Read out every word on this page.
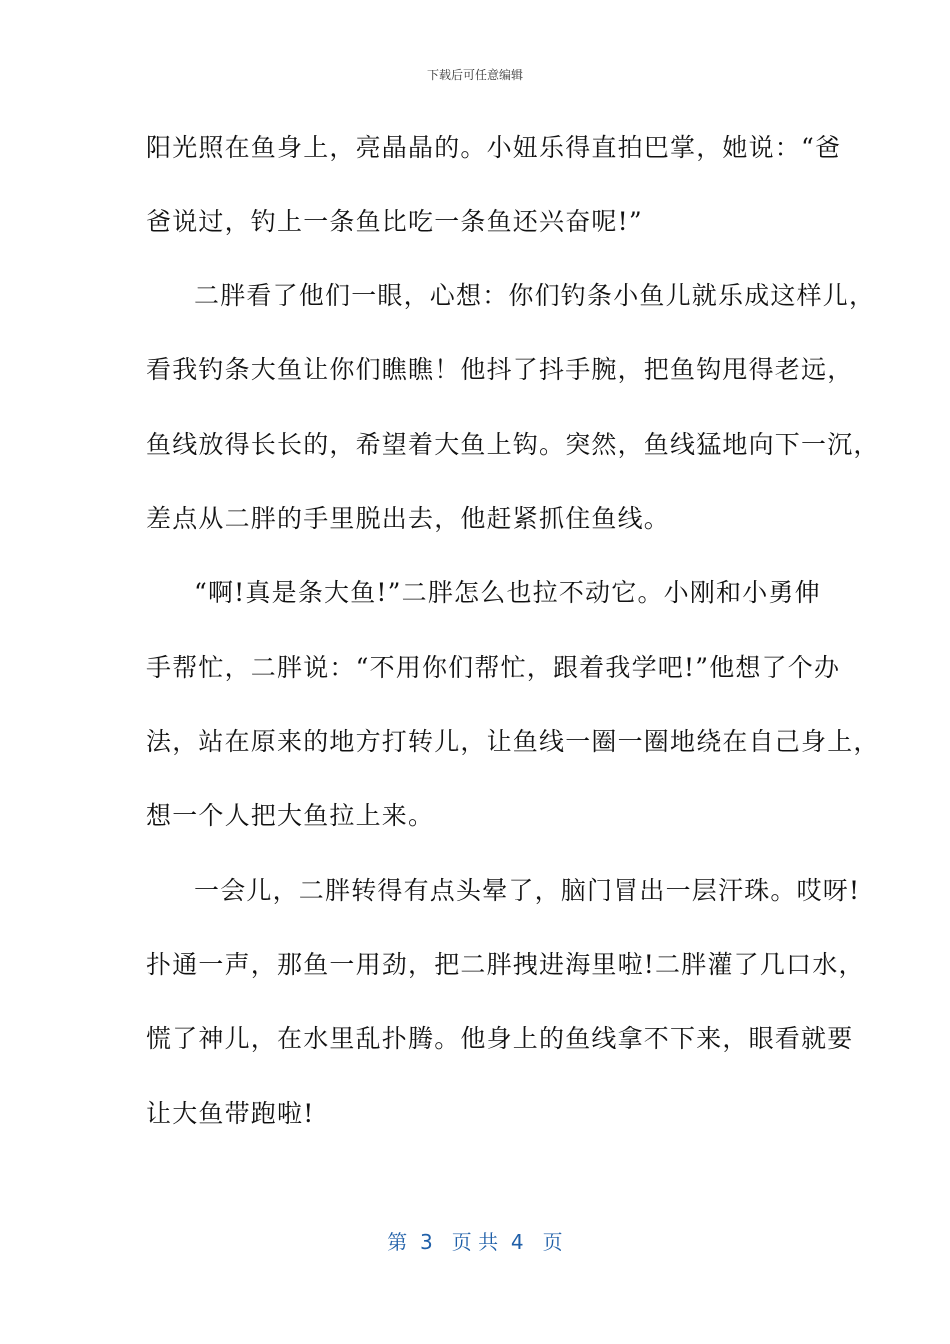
下载后可任意编辑
阳光照在鱼身上，亮晶晶的。小妞乐得直拍巴掌，她说：“爸
爸说过，钓上一条鱼比吃一条鱼还兴奋呢!”
二胖看了他们一眼，心想：你们钓条小鱼儿就乐成这样儿，
看我钓条大鱼让你们瞧瞧！他抖了抖手腕，把鱼钩甩得老远，
鱼线放得长长的，希望着大鱼上钩。突然，鱼线猛地向下一沉，
差点从二胖的手里脱出去，他赶紧抓住鱼线。
“啊!真是条大鱼!”二胖怎么也拉不动它。小刚和小勇伸
手帮忙，二胖说：“不用你们帮忙，跟着我学吧!”他想了个办
法，站在原来的地方打转儿，让鱼线一圈一圈地绕在自己身上，
想一个人把大鱼拉上来。
一会儿，二胖转得有点头晕了，脑门冒出一层汗珠。哎呀!
扑通一声，那鱼一用劲，把二胖拽进海里啦!二胖灌了几口水，
慌了神儿，在水里乱扑腾。他身上的鱼线拿不下来，眼看就要
让大鱼带跑啦!
第  3   页 共  4   页
